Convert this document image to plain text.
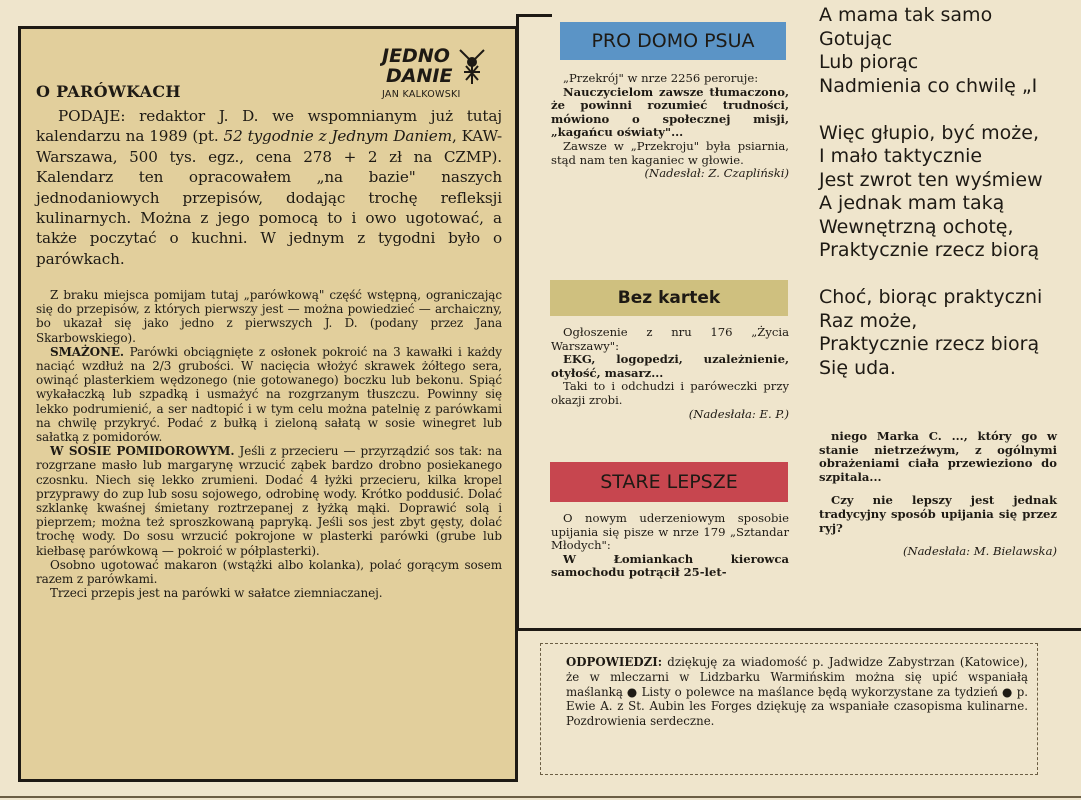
JEDNO
DANIE
JAN KALKOWSKI
O PARÓWKACH
PODAJE: redaktor J. D. we wspomnianym już tutaj kalendarzu na 1989 (pt. 52 tygodnie z Jednym Daniem, KAW-Warszawa, 500 tys. egz., cena 278 + 2 zł na CZMP). Kalendarz ten opracowałem „na bazie" naszych jednodaniowych przepisów, dodając trochę refleksji kulinarnych. Można z jego pomocą to i owo ugotować, a także poczytać o kuchni. W jednym z tygodni było o parówkach.

Z braku miejsca pomijam tutaj „parówkową" część wstępną, ograniczając się do przepisów, z których pierwszy jest — można powiedzieć — archaiczny, bo ukazał się jako jedno z pierwszych J. D. (podany przez Jana Skarbowskiego).

SMAŻONE. Parówki obciągnięte z osłonek pokroić na 3 kawałki i każdy naciąć wzdłuż na 2/3 grubości. W nacięcia włożyć skrawek żółtego sera, owinąć plasterkiem wędzonego (nie gotowanego) boczku lub bekonu. Spiąć wykałaczką lub szpadką i usmażyć na rozgrzanym tłuszczu. Powinny się lekko podrumienić, a ser nadtopić i w tym celu można patelnię z parówkami na chwilę przykryć. Podać z bułką i zieloną sałatą w sosie winegret lub sałatką z pomidorów.

W SOSIE POMIDOROWYM. Jeśli z przecieru — przyrządzić sos tak: na rozgrzane masło lub margarynę wrzucić ząbek bardzo drobno posiekanego czosnku. Niech się lekko zrumieni. Dodać 4 łyżki przecieru, kilka kropel przyprawy do zup lub sosu sojowego, odrobinę wody. Krótko poddusić. Dolać szklankę kwaśnej śmietany roztrzepanej z łyżką mąki. Doprawić solą i pieprzem; można też sproszkowaną papryką. Jeśli sos jest zbyt gęsty, dolać trochę wody. Do sosu wrzucić pokrojone w plasterki parówki (grube lub kiełbasę parówkową — pokroić w półplasterki).

Osobno ugotować makaron (wstążki albo kolanka), polać gorącym sosem razem z parówkami.

Trzeci przepis jest na parówki w sałatce ziemniaczanej.

PRO DOMO PSUA

„Przekrój" w nrze 2256 peroruje:

Nauczycielom zawsze tłumaczono, że powinni rozumieć trudności, mówiono o społecznej misji, „kagańcu oświaty"...

Zawsze w „Przekroju" była psiarnia, stąd nam ten kaganiec w głowie.

(Nadesłał: Z. Czapliński)

Bez kartek

Ogłoszenie z nru 176 „Życia Warszawy":

EKG, logopedzi, uzależnienie, otyłość, masarz...

Taki to i odchudzi i paróweczki przy okazji zrobi.

(Nadesłała: E. P.)

STARE LEPSZE

O nowym uderzeniowym sposobie upijania się pisze w nrze 179 „Sztandar Młodych":

W Łomiankach kierowca samochodu potrącił 25-let-

A mama tak samo
Gotując
Lub piorąc
Nadmienia co chwilę „I

Więc głupio, być może,
I mało taktycznie
Jest zwrot ten wyśmiew
A jednak mam taką
Wewnętrzną ochotę,
Praktycznie rzecz biorą

Choć, biorąc praktyczni
Raz może,
Praktycznie rzecz biorą
Się uda.

niego Marka C. ..., który go w stanie nietrzeźwym, z ogólnymi obrażeniami ciała przewieziono do szpitala...

Czy nie lepszy jest jednak tradycyjny sposób upijania się przez ryj?

(Nadesłała: M. Bielawska)

ODPOWIEDZI: dziękuję za wiadomość p. Jadwidze Zabystrzan (Katowice), że w mleczarni w Lidzbarku Warmińskim można się upić wspaniałą maślanką ● Listy o polewce na maślance będą wykorzystane za tydzień ● p. Ewie A. z St. Aubin les Forges dziękuję za wspaniałe czasopisma kulinarne. Pozdrowienia serdeczne.
